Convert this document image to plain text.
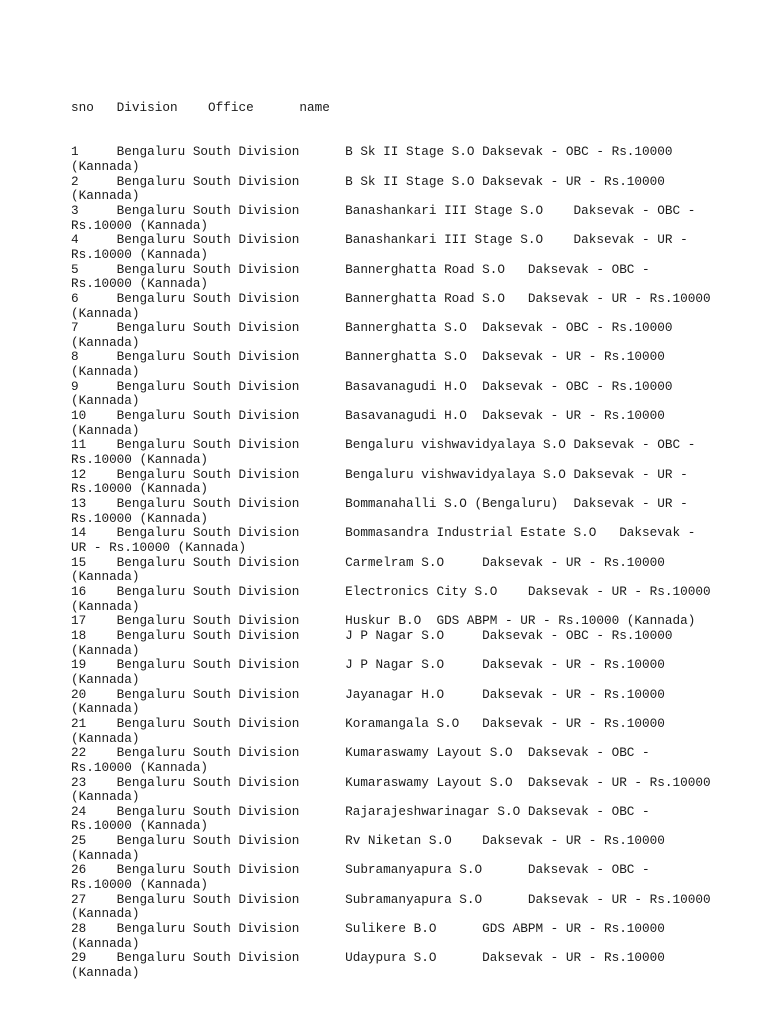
sno   Division    Office      name

1     Bengaluru South Division      B Sk II Stage S.O Daksevak - OBC - Rs.10000 (Kannada)
2     Bengaluru South Division      B Sk II Stage S.O Daksevak - UR - Rs.10000 (Kannada)
3     Bengaluru South Division      Banashankari III Stage S.O    Daksevak - OBC - Rs.10000 (Kannada)
4     Bengaluru South Division      Banashankari III Stage S.O    Daksevak - UR - Rs.10000 (Kannada)
5     Bengaluru South Division      Bannerghatta Road S.O   Daksevak - OBC - Rs.10000 (Kannada)
6     Bengaluru South Division      Bannerghatta Road S.O   Daksevak - UR - Rs.10000 (Kannada)
7     Bengaluru South Division      Bannerghatta S.O  Daksevak - OBC - Rs.10000 (Kannada)
8     Bengaluru South Division      Bannerghatta S.O  Daksevak - UR - Rs.10000 (Kannada)
9     Bengaluru South Division      Basavanagudi H.O  Daksevak - OBC - Rs.10000 (Kannada)
10    Bengaluru South Division      Basavanagudi H.O  Daksevak - UR - Rs.10000 (Kannada)
11    Bengaluru South Division      Bengaluru vishwavidyalaya S.O Daksevak - OBC - Rs.10000 (Kannada)
12    Bengaluru South Division      Bengaluru vishwavidyalaya S.O Daksevak - UR - Rs.10000 (Kannada)
13    Bengaluru South Division      Bommanahalli S.O (Bengaluru)  Daksevak - UR - Rs.10000 (Kannada)
14    Bengaluru South Division      Bommasandra Industrial Estate S.O   Daksevak - UR - Rs.10000 (Kannada)
15    Bengaluru South Division      Carmelram S.O     Daksevak - UR - Rs.10000 (Kannada)
16    Bengaluru South Division      Electronics City S.O    Daksevak - UR - Rs.10000 (Kannada)
17    Bengaluru South Division      Huskur B.O  GDS ABPM - UR - Rs.10000 (Kannada)
18    Bengaluru South Division      J P Nagar S.O     Daksevak - OBC - Rs.10000 (Kannada)
19    Bengaluru South Division      J P Nagar S.O     Daksevak - UR - Rs.10000 (Kannada)
20    Bengaluru South Division      Jayanagar H.O     Daksevak - UR - Rs.10000 (Kannada)
21    Bengaluru South Division      Koramangala S.O   Daksevak - UR - Rs.10000 (Kannada)
22    Bengaluru South Division      Kumaraswamy Layout S.O  Daksevak - OBC - Rs.10000 (Kannada)
23    Bengaluru South Division      Kumaraswamy Layout S.O  Daksevak - UR - Rs.10000 (Kannada)
24    Bengaluru South Division      Rajarajeshwarinagar S.O Daksevak - OBC - Rs.10000 (Kannada)
25    Bengaluru South Division      Rv Niketan S.O    Daksevak - UR - Rs.10000 (Kannada)
26    Bengaluru South Division      Subramanyapura S.O      Daksevak - OBC - Rs.10000 (Kannada)
27    Bengaluru South Division      Subramanyapura S.O      Daksevak - UR - Rs.10000 (Kannada)
28    Bengaluru South Division      Sulikere B.O      GDS ABPM - UR - Rs.10000 (Kannada)
29    Bengaluru South Division      Udaypura S.O      Daksevak - UR - Rs.10000 (Kannada)
